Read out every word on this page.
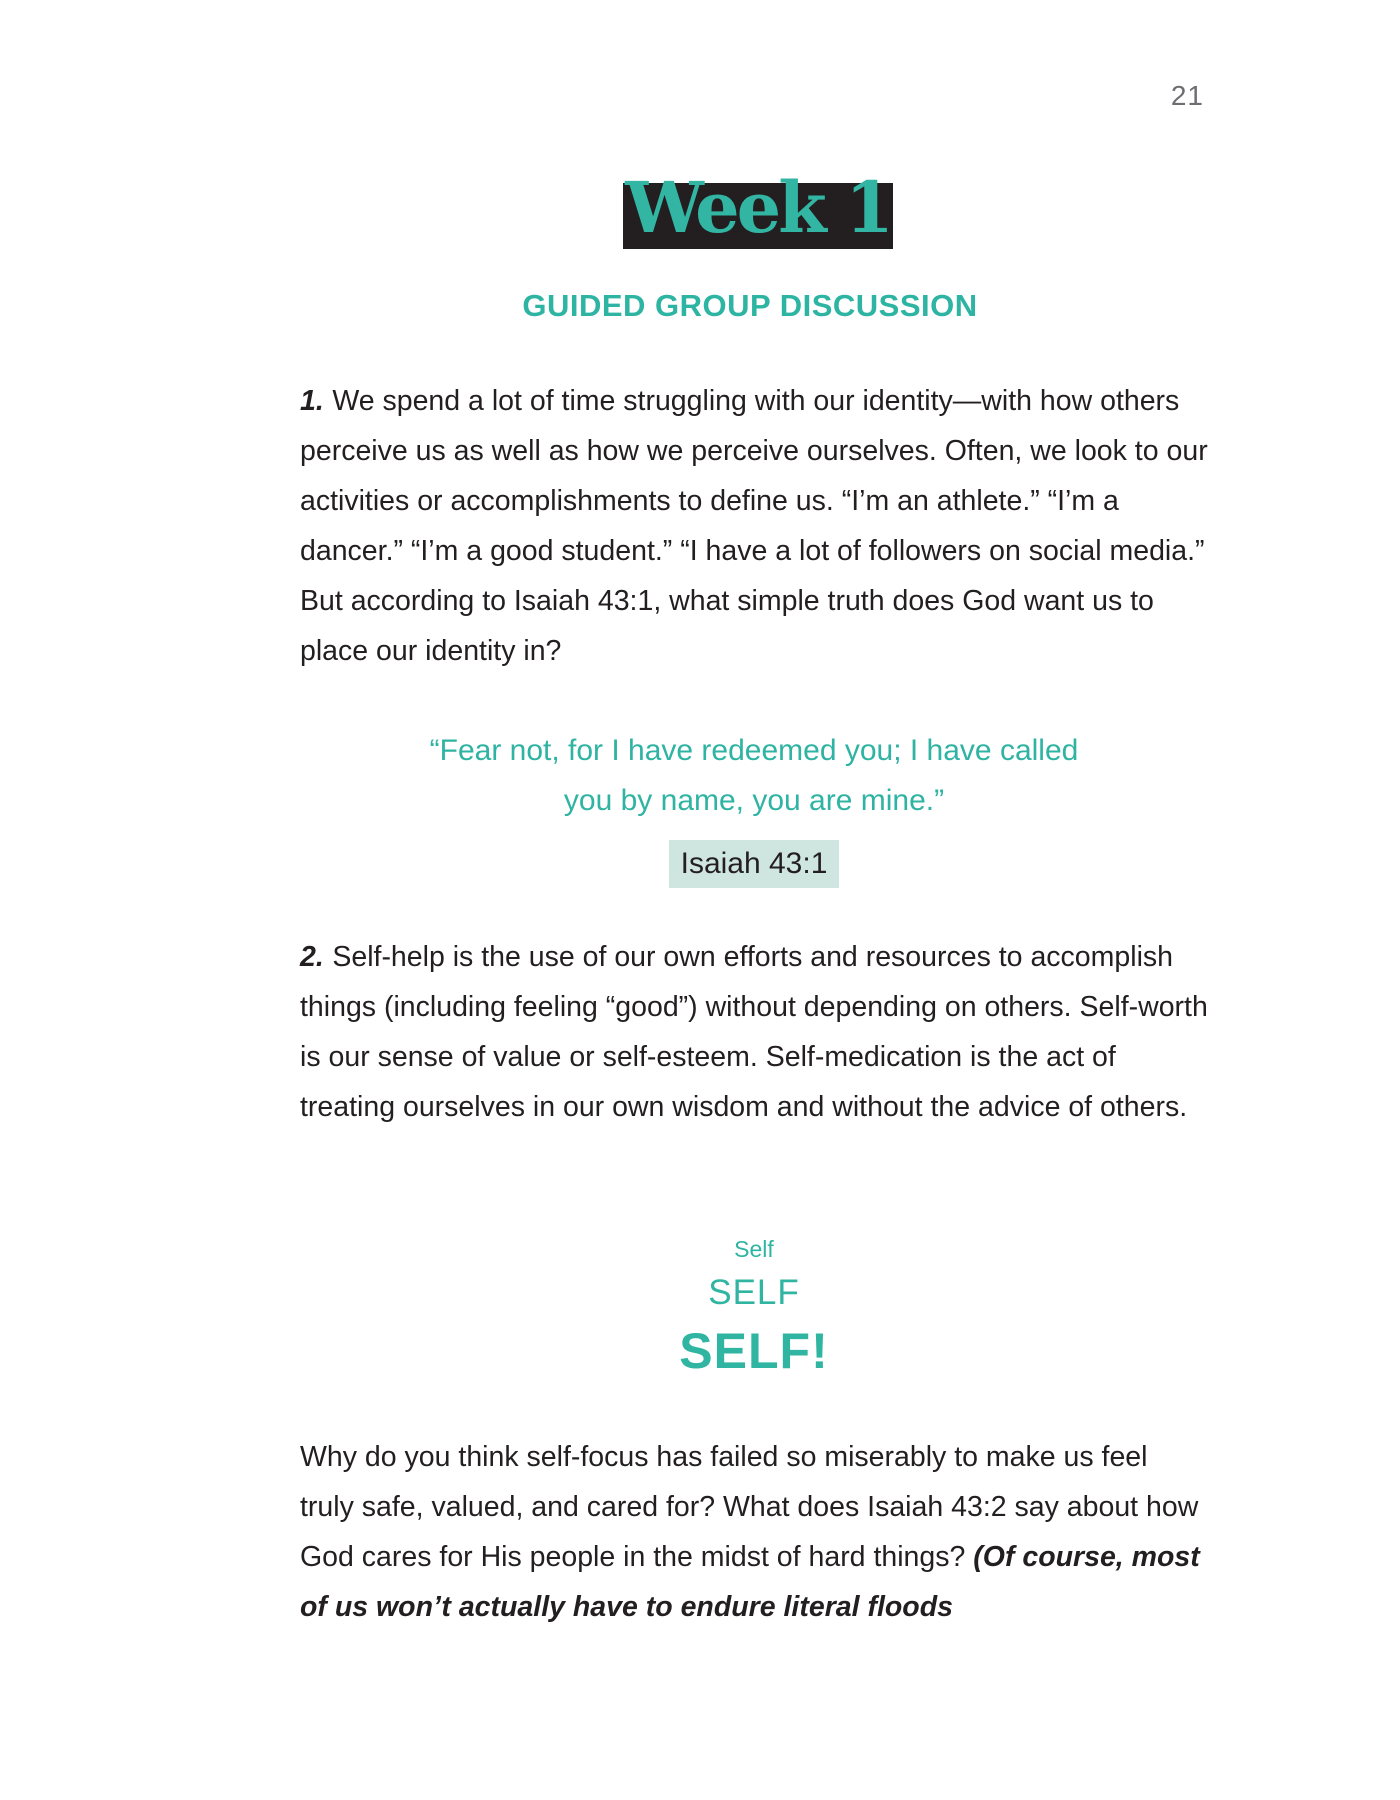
21
Week 1
GUIDED GROUP DISCUSSION

1. We spend a lot of time struggling with our identity—with how others perceive us as well as how we perceive ourselves. Often, we look to our activities or accomplishments to define us. “I’m an athlete.” “I’m a dancer.” “I’m a good student.” “I have a lot of followers on social media.” But according to Isaiah 43:1, what simple truth does God want us to place our identity in?

“Fear not, for I have redeemed you; I have called
you by name, you are mine.”
Isaiah 43:1

2. Self-help is the use of our own efforts and resources to accomplish things (including feeling “good”) without depending on others. Self-worth is our sense of value or self-esteem. Self-medication is the act of treating ourselves in our own wisdom and without the advice of others.

Self
SELF
SELF!

Why do you think self-focus has failed so miserably to make us feel truly safe, valued, and cared for? What does Isaiah 43:2 say about how God cares for His people in the midst of hard things? (Of course, most of us won’t actually have to endure literal floods
